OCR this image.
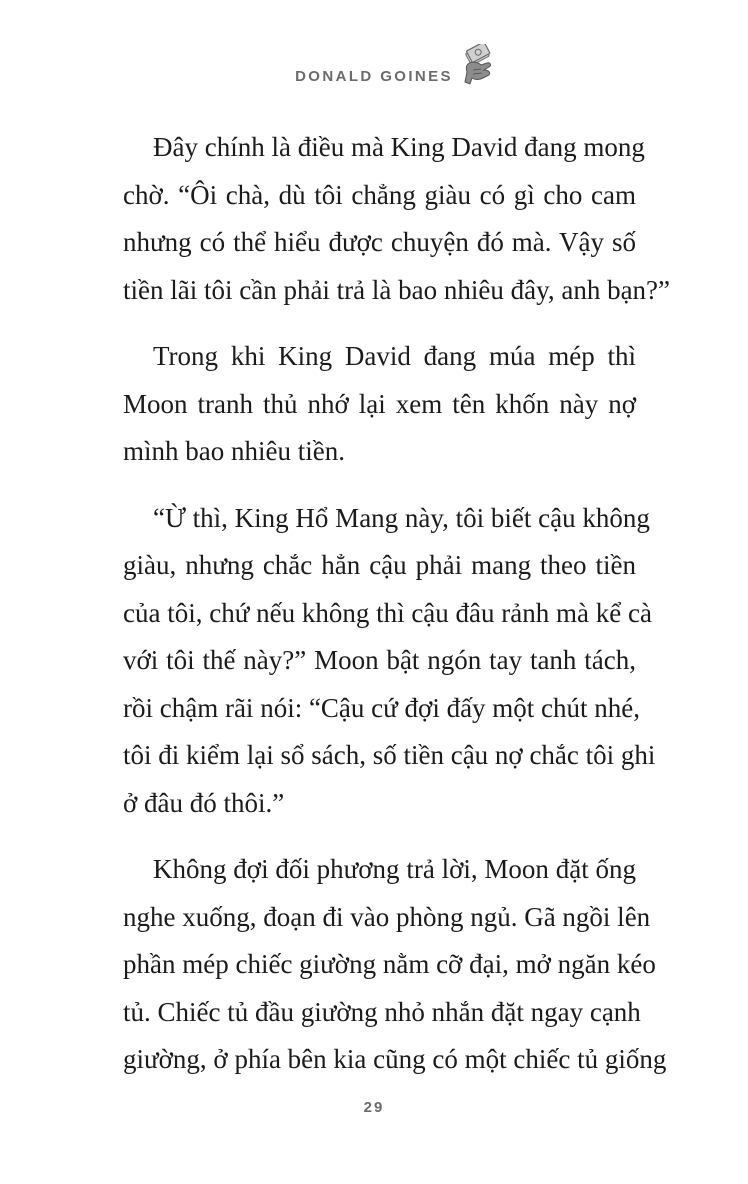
DONALD GOINES

Đây chính là điều mà King David đang mong
chờ. “Ôi chà, dù tôi chẳng giàu có gì cho cam
nhưng có thể hiểu được chuyện đó mà. Vậy số
tiền lãi tôi cần phải trả là bao nhiêu đây, anh bạn?”

Trong khi King David đang múa mép thì
Moon tranh thủ nhớ lại xem tên khốn này nợ
mình bao nhiêu tiền.

“Ừ thì, King Hổ Mang này, tôi biết cậu không
giàu, nhưng chắc hẳn cậu phải mang theo tiền
của tôi, chứ nếu không thì cậu đâu rảnh mà kể cà
với tôi thế này?” Moon bật ngón tay tanh tách,
rồi chậm rãi nói: “Cậu cứ đợi đấy một chút nhé,
tôi đi kiểm lại sổ sách, số tiền cậu nợ chắc tôi ghi
ở đâu đó thôi.”

Không đợi đối phương trả lời, Moon đặt ống
nghe xuống, đoạn đi vào phòng ngủ. Gã ngồi lên
phần mép chiếc giường nằm cỡ đại, mở ngăn kéo
tủ. Chiếc tủ đầu giường nhỏ nhắn đặt ngay cạnh
giường, ở phía bên kia cũng có một chiếc tủ giống

29
